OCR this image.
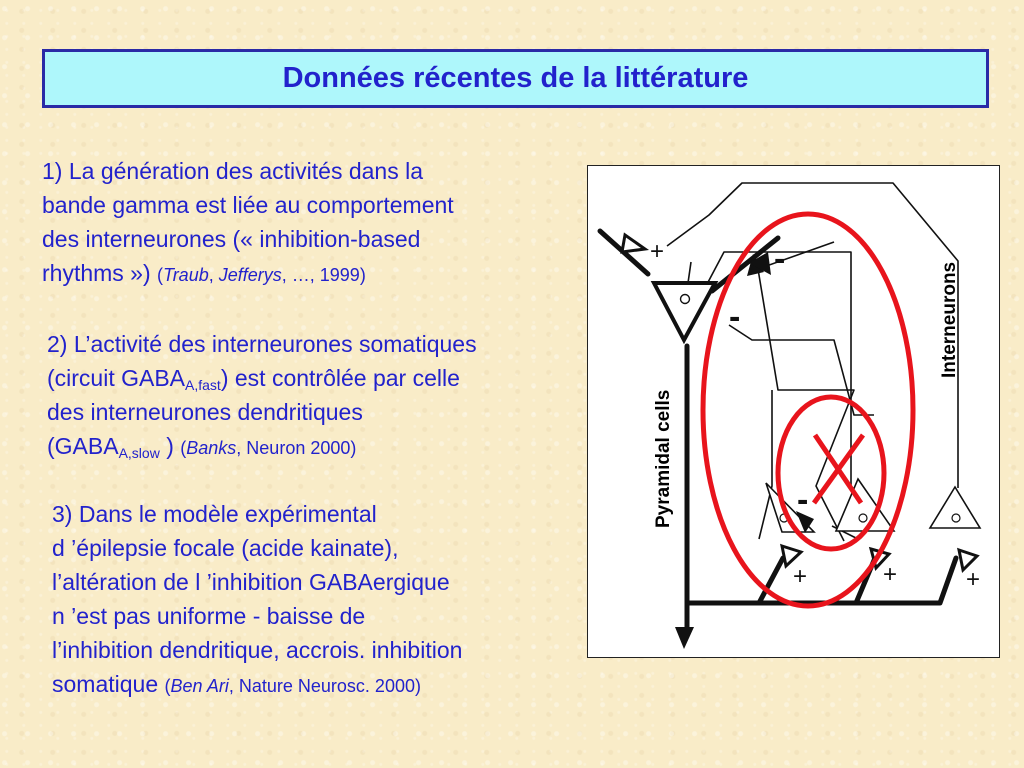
Données récentes de la littérature
1) La génération des activités dans la
bande gamma est liée au comportement
des interneurones (« inhibition-based
rhythms ») (Traub, Jefferys, …, 1999)
2) L’activité des interneurones somatiques
(circuit $GABA_{A,fast}$) est contrôlée par celle
des interneurones dendritiques
($GABA_{A,slow}$ ) (Banks, Neuron 2000)
3) Dans le modèle expérimental
d ’épilepsie focale (acide kainate),
l’altération de l ’inhibition GABAergique
n ’est pas uniforme - baisse de
l’inhibition dendritique, accrois. inhibition
somatique (Ben Ari, Nature Neurosc. 2000)
+
+	+	+
-
-
-
Pyramidal cells
Interneurons
